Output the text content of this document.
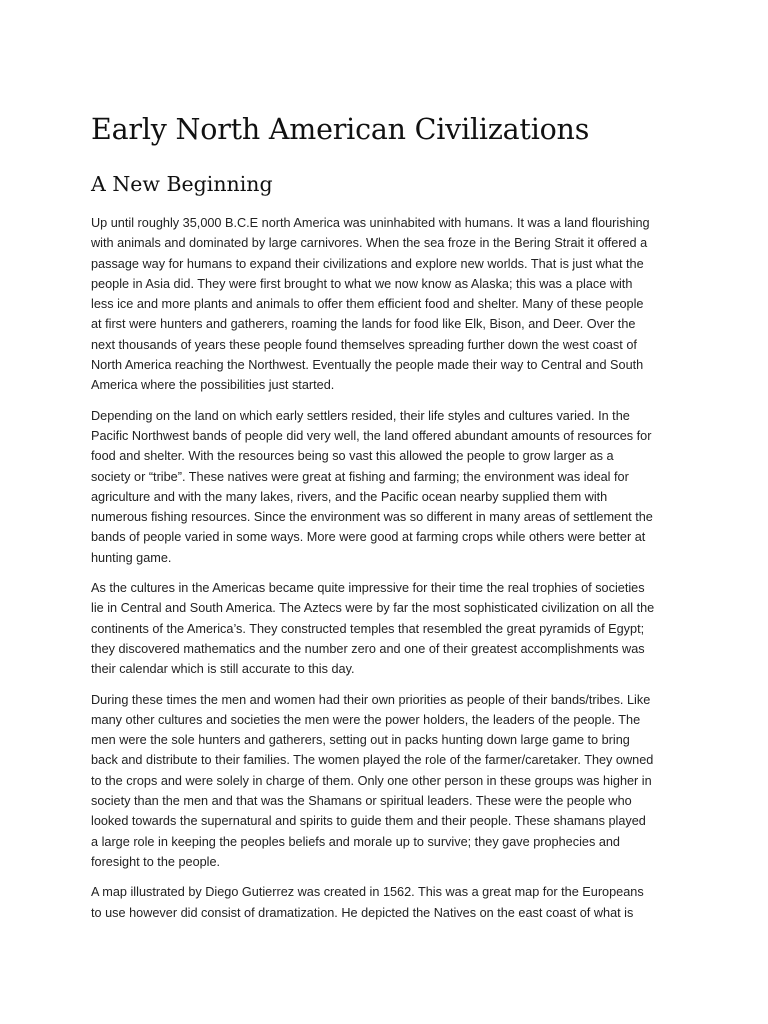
Early North American Civilizations
A New Beginning

Up until roughly 35,000 B.C.E north America was uninhabited with humans. It was a land flourishing
with animals and dominated by large carnivores. When the sea froze in the Bering Strait it offered a
passage way for humans to expand their civilizations and explore new worlds. That is just what the
people in Asia did. They were first brought to what we now know as Alaska; this was a place with
less ice and more plants and animals to offer them efficient food and shelter. Many of these people
at first were hunters and gatherers, roaming the lands for food like Elk, Bison, and Deer. Over the
next thousands of years these people found themselves spreading further down the west coast of
North America reaching the Northwest. Eventually the people made their way to Central and South
America where the possibilities just started.

Depending on the land on which early settlers resided, their life styles and cultures varied. In the
Pacific Northwest bands of people did very well, the land offered abundant amounts of resources for
food and shelter. With the resources being so vast this allowed the people to grow larger as a
society or “tribe”. These natives were great at fishing and farming; the environment was ideal for
agriculture and with the many lakes, rivers, and the Pacific ocean nearby supplied them with
numerous fishing resources. Since the environment was so different in many areas of settlement the
bands of people varied in some ways. More were good at farming crops while others were better at
hunting game.

As the cultures in the Americas became quite impressive for their time the real trophies of societies
lie in Central and South America. The Aztecs were by far the most sophisticated civilization on all the
continents of the America’s. They constructed temples that resembled the great pyramids of Egypt;
they discovered mathematics and the number zero and one of their greatest accomplishments was
their calendar which is still accurate to this day.

During these times the men and women had their own priorities as people of their bands/tribes. Like
many other cultures and societies the men were the power holders, the leaders of the people. The
men were the sole hunters and gatherers, setting out in packs hunting down large game to bring
back and distribute to their families. The women played the role of the farmer/caretaker. They owned
to the crops and were solely in charge of them. Only one other person in these groups was higher in
society than the men and that was the Shamans or spiritual leaders. These were the people who
looked towards the supernatural and spirits to guide them and their people. These shamans played
a large role in keeping the peoples beliefs and morale up to survive; they gave prophecies and
foresight to the people.

A map illustrated by Diego Gutierrez was created in 1562. This was a great map for the Europeans
to use however did consist of dramatization. He depicted the Natives on the east coast of what is
